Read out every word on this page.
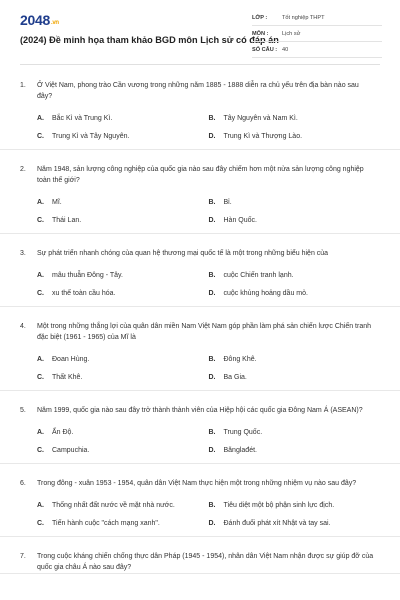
2048.vn
(2024) Đề minh họa tham khảo BGD môn Lịch sử có đáp án
LỚP :	Tốt nghiệp THPT
MÔN :	Lịch sử
SỐ CÂU : 40
1.	Ở Việt Nam, phong trào Cần vương trong những năm 1885 - 1888 diễn ra chủ yếu trên địa bàn nào sau đây?
A.	Bắc Kì và Trung Kì.	B.	Tây Nguyên và Nam Kì.
C.	Trung Kì và Tây Nguyên.	D.	Trung Kì và Thượng Lào.
2.	Năm 1948, sản lượng công nghiệp của quốc gia nào sau đây chiếm hơn một nửa sản lượng công nghiệp toàn thế giới?
A.	Mĩ.	B.	Bỉ.
C.	Thái Lan.	D.	Hàn Quốc.
3.	Sự phát triển nhanh chóng của quan hệ thương mại quốc tế là một trong những biểu hiện của
A.	mâu thuẫn Đông - Tây.	B.	cuộc Chiến tranh lạnh.
C.	xu thế toàn cầu hóa.	D.	cuộc khủng hoảng dầu mỏ.
4.	Một trong những thắng lợi của quân dân miền Nam Việt Nam góp phần làm phá sản chiến lược Chiến tranh đặc biệt (1961 - 1965) của Mĩ là
A.	Đoan Hùng.	B.	Đông Khê.
C.	Thất Khê.	D.	Ba Gia.
5.	Năm 1999, quốc gia nào sau đây trở thành thành viên của Hiệp hội các quốc gia Đông Nam Á (ASEAN)?
A.	Ấn Độ.	B.	Trung Quốc.
C.	Campuchia.	D.	Bănglađét.
6.	Trong đông - xuân 1953 - 1954, quân dân Việt Nam thực hiện một trong những nhiệm vụ nào sau đây?
A.	Thống nhất đất nước về mặt nhà nước.	B.	Tiêu diệt một bộ phận sinh lực địch.
C.	Tiến hành cuộc "cách mạng xanh".	D.	Đánh đuổi phát xít Nhật và tay sai.
7.	Trong cuộc kháng chiến chống thực dân Pháp (1945 - 1954), nhân dân Việt Nam nhận được sự giúp đỡ của quốc gia châu Á nào sau đây?
